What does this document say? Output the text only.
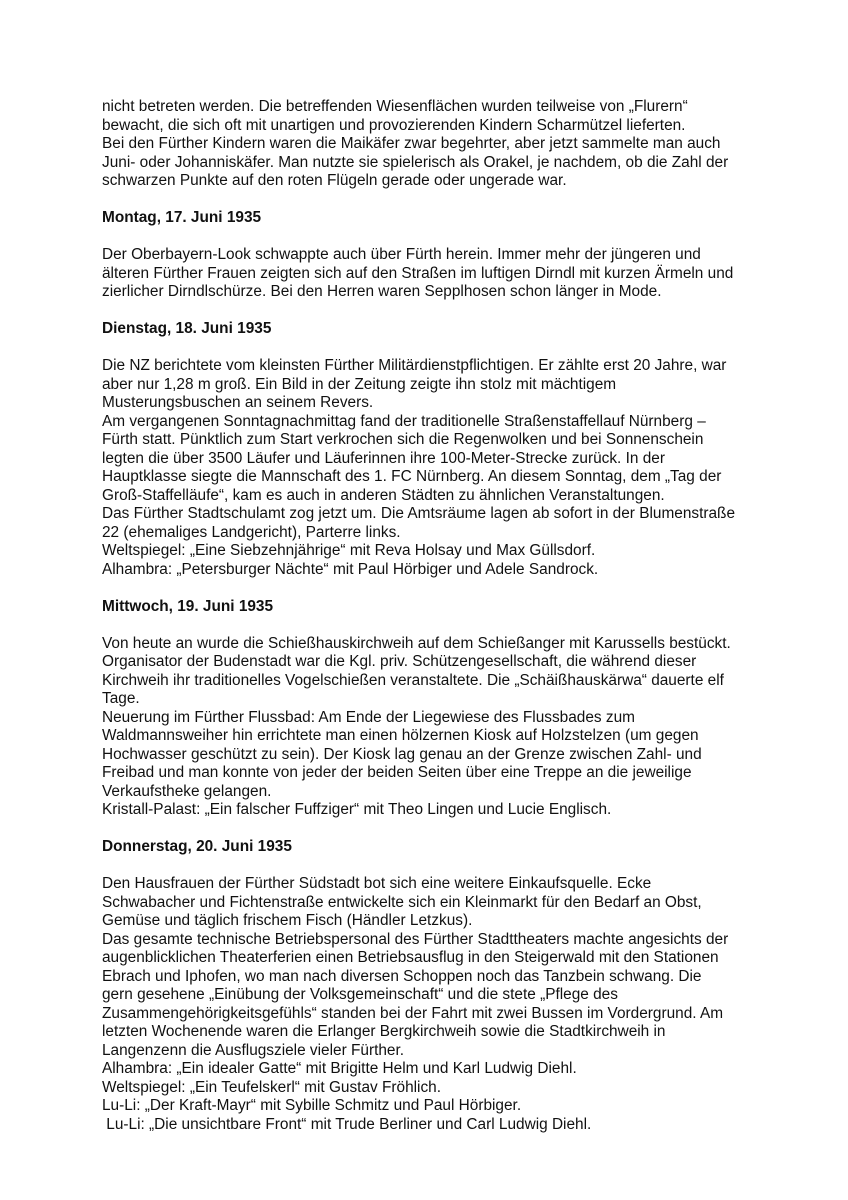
nicht betreten werden. Die betreffenden Wiesenflächen wurden teilweise von „Flurern“
bewacht, die sich oft mit unartigen und provozierenden Kindern Scharmützel lieferten.
Bei den Fürther Kindern waren die Maikäfer zwar begehrter, aber jetzt sammelte man auch
Juni- oder Johanniskäfer. Man nutzte sie spielerisch als Orakel, je nachdem, ob die Zahl der
schwarzen Punkte auf den roten Flügeln gerade oder ungerade war.
Montag, 17. Juni 1935
Der Oberbayern-Look schwappte auch über Fürth herein. Immer mehr der jüngeren und
älteren Fürther Frauen zeigten sich auf den Straßen im luftigen Dirndl mit kurzen Ärmeln und
zierlicher Dirndlschürze. Bei den Herren waren Sepplhosen schon länger in Mode.
Dienstag, 18. Juni 1935
Die NZ berichtete vom kleinsten Fürther Militärdienstpflichtigen. Er zählte erst 20 Jahre, war
aber nur 1,28 m groß. Ein Bild in der Zeitung zeigte ihn stolz mit mächtigem
Musterungsbuschen an seinem Revers.
Am vergangenen Sonntagnachmittag fand der traditionelle Straßenstaffellauf Nürnberg –
Fürth statt. Pünktlich zum Start verkrochen sich die Regenwolken und bei Sonnenschein
legten die über 3500 Läufer und Läuferinnen ihre 100-Meter-Strecke zurück. In der
Hauptklasse siegte die Mannschaft des 1. FC Nürnberg. An diesem Sonntag, dem „Tag der
Groß-Staffelläufe“, kam es auch in anderen Städten zu ähnlichen Veranstaltungen.
Das Fürther Stadtschulamt zog jetzt um. Die Amtsräume lagen ab sofort in der Blumenstraße
22 (ehemaliges Landgericht), Parterre links.
Weltspiegel: „Eine Siebzehnjährige“ mit Reva Holsay und Max Güllsdorf.
Alhambra: „Petersburger Nächte“ mit Paul Hörbiger und Adele Sandrock.
Mittwoch, 19. Juni 1935
Von heute an wurde die Schießhauskirchweih auf dem Schießanger mit Karussells bestückt.
Organisator der Budenstadt war die Kgl. priv. Schützengesellschaft, die während dieser
Kirchweih ihr traditionelles Vogelschießen veranstaltete. Die „Schäißhauskärwa“ dauerte elf
Tage.
Neuerung im Fürther Flussbad: Am Ende der Liegewiese des Flussbades zum
Waldmannsweiher hin errichtete man einen hölzernen Kiosk auf Holzstelzen (um gegen
Hochwasser geschützt zu sein). Der Kiosk lag genau an der Grenze zwischen Zahl- und
Freibad und man konnte von jeder der beiden Seiten über eine Treppe an die jeweilige
Verkaufstheke gelangen.
Kristall-Palast: „Ein falscher Fuffziger“ mit Theo Lingen und Lucie Englisch.
Donnerstag, 20. Juni 1935
Den Hausfrauen der Fürther Südstadt bot sich eine weitere Einkaufsquelle. Ecke
Schwabacher und Fichtenstraße entwickelte sich ein Kleinmarkt für den Bedarf an Obst,
Gemüse und täglich frischem Fisch (Händler Letzkus).
Das gesamte technische Betriebspersonal des Fürther Stadttheaters machte angesichts der
augenblicklichen Theaterferien einen Betriebsausflug in den Steigerwald mit den Stationen
Ebrach und Iphofen, wo man nach diversen Schoppen noch das Tanzbein schwang. Die
gern gesehene „Einübung der Volksgemeinschaft“ und die stete „Pflege des
Zusammengehörigkeitsgefühls“ standen bei der Fahrt mit zwei Bussen im Vordergrund. Am
letzten Wochenende waren die Erlanger Bergkirchweih sowie die Stadtkirchweih in
Langenzenn die Ausflugsziele vieler Fürther.
Alhambra: „Ein idealer Gatte“ mit Brigitte Helm und Karl Ludwig Diehl.
Weltspiegel: „Ein Teufelskerl“ mit Gustav Fröhlich.
Lu-Li: „Der Kraft-Mayr“ mit Sybille Schmitz und Paul Hörbiger.
Lu-Li: „Die unsichtbare Front“ mit Trude Berliner und Carl Ludwig Diehl.
